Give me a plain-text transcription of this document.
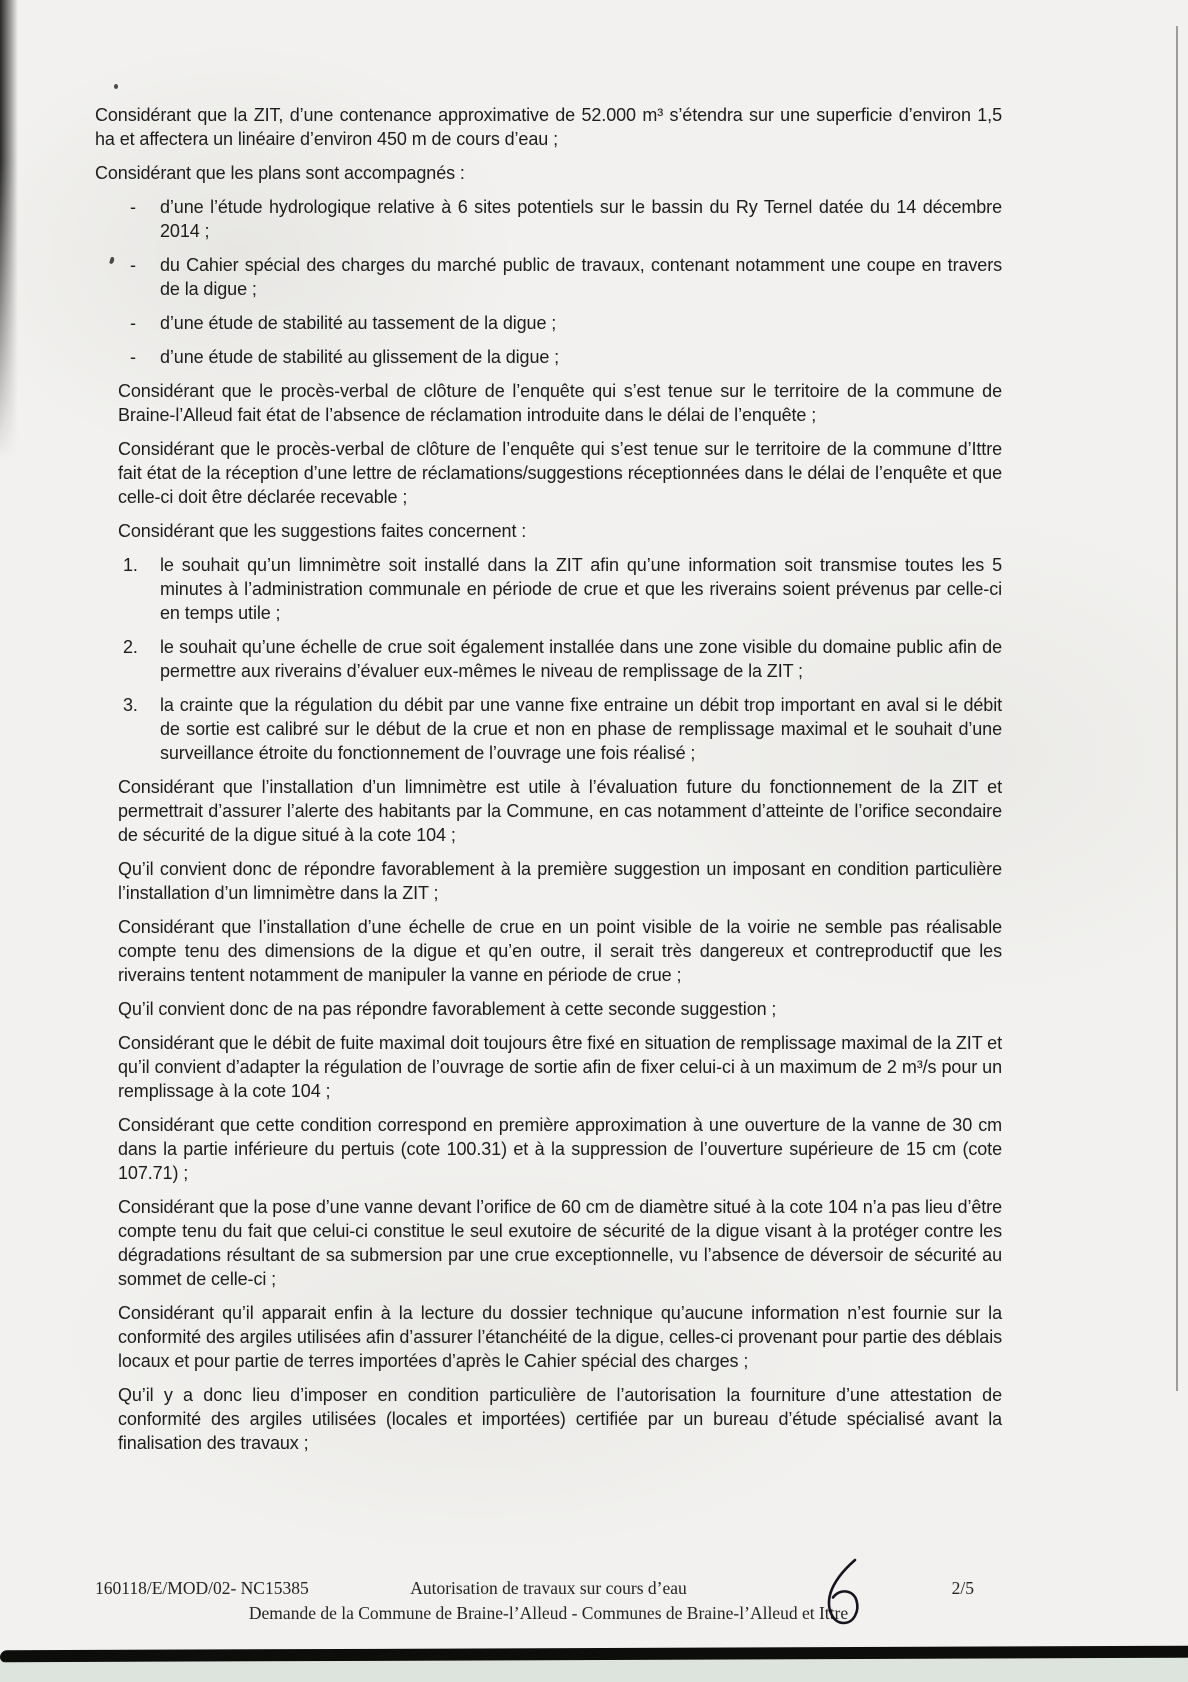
Considérant que la ZIT, d’une contenance approximative de 52.000 m³ s’étendra sur une superficie d’environ 1,5 ha et affectera un linéaire d’environ 450 m de cours d’eau ;
Considérant que les plans sont accompagnés :
- d’une l’étude hydrologique relative à 6 sites potentiels sur le bassin du Ry Ternel datée du 14 décembre 2014 ;
- du Cahier spécial des charges du marché public de travaux, contenant notamment une coupe en travers de la digue ;
- d’une étude de stabilité au tassement de la digue ;
- d’une étude de stabilité au glissement de la digue ;
Considérant que le procès-verbal de clôture de l’enquête qui s’est tenue sur le territoire de la commune de Braine-l’Alleud fait état de l’absence de réclamation introduite dans le délai de l’enquête ;
Considérant que le procès-verbal de clôture de l’enquête qui s’est tenue sur le territoire de la commune d’Ittre fait état de la réception d’une lettre de réclamations/suggestions réceptionnées dans le délai de l’enquête et que celle-ci doit être déclarée recevable ;
Considérant que les suggestions faites concernent :
1. le souhait qu’un limnimètre soit installé dans la ZIT afin qu’une information soit transmise toutes les 5 minutes à l’administration communale en période de crue et que les riverains soient prévenus par celle-ci en temps utile ;
2. le souhait qu’une échelle de crue soit également installée dans une zone visible du domaine public afin de permettre aux riverains d’évaluer eux-mêmes le niveau de remplissage de la ZIT ;
3. la crainte que la régulation du débit par une vanne fixe entraine un débit trop important en aval si le débit de sortie est calibré sur le début de la crue et non en phase de remplissage maximal et le souhait d’une surveillance étroite du fonctionnement de l’ouvrage une fois réalisé ;
Considérant que l’installation d’un limnimètre est utile à l’évaluation future du fonctionnement de la ZIT et permettrait d’assurer l’alerte des habitants par la Commune, en cas notamment d’atteinte de l’orifice secondaire de sécurité de la digue situé à la cote 104 ;
Qu’il convient donc de répondre favorablement à la première suggestion un imposant en condition particulière l’installation d’un limnimètre dans la ZIT ;
Considérant que l’installation d’une échelle de crue en un point visible de la voirie ne semble pas réalisable compte tenu des dimensions de la digue et qu’en outre, il serait très dangereux et contreproductif que les riverains tentent notamment de manipuler la vanne en période de crue ;
Qu’il convient donc de na pas répondre favorablement à cette seconde suggestion ;
Considérant que le débit de fuite maximal doit toujours être fixé en situation de remplissage maximal de la ZIT et qu’il convient d’adapter la régulation de l’ouvrage de sortie afin de fixer celui-ci à un maximum de 2 m³/s pour un remplissage à la cote 104 ;
Considérant que cette condition correspond en première approximation à une ouverture de la vanne de 30 cm dans la partie inférieure du pertuis (cote 100.31) et à la suppression de l’ouverture supérieure de 15 cm (cote 107.71) ;
Considérant que la pose d’une vanne devant l’orifice de 60 cm de diamètre situé à la cote 104 n’a pas lieu d’être compte tenu du fait que celui-ci constitue le seul exutoire de sécurité de la digue visant à la protéger contre les dégradations résultant de sa submersion par une crue exceptionnelle, vu l’absence de déversoir de sécurité au sommet de celle-ci ;
Considérant qu’il apparait enfin à la lecture du dossier technique qu’aucune information n’est fournie sur la conformité des argiles utilisées afin d’assurer l’étanchéité de la digue, celles-ci provenant pour partie des déblais locaux et pour partie de terres importées d’après le Cahier spécial des charges ;
Qu’il y a donc lieu d’imposer en condition particulière de l’autorisation la fourniture d’une attestation de conformité des argiles utilisées (locales et importées) certifiée par un bureau d’étude spécialisé avant la finalisation des travaux ;
160118/E/MOD/02- NC15385	Autorisation de travaux sur cours d’eau	2/5
Demande de la Commune de Braine-l’Alleud - Communes de Braine-l’Alleud et Ittre
